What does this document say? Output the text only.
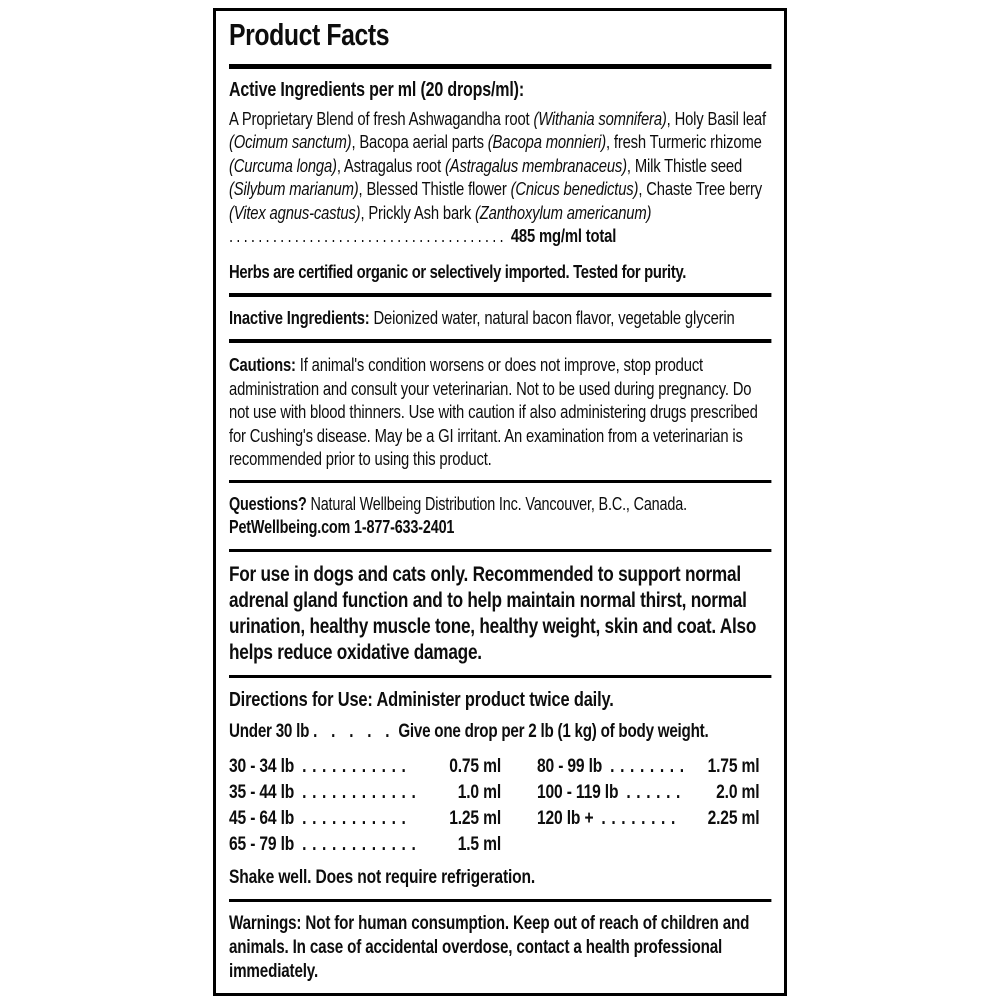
Product Facts
Active Ingredients per ml (20 drops/ml):

A Proprietary Blend of fresh Ashwagandha root (Withania somnifera), Holy Basil leaf (Ocimum sanctum), Bacopa aerial parts (Bacopa monnieri), fresh Turmeric rhizome (Curcuma longa), Astragalus root (Astragalus membranaceus), Milk Thistle seed (Silybum marianum), Blessed Thistle flower (Cnicus benedictus), Chaste Tree berry (Vitex agnus-castus), Prickly Ash bark (Zanthoxylum americanum) ...................................... 485 mg/ml total

Herbs are certified organic or selectively imported. Tested for purity.

Inactive Ingredients: Deionized water, natural bacon flavor, vegetable glycerin

Cautions: If animal's condition worsens or does not improve, stop product administration and consult your veterinarian. Not to be used during pregnancy. Do not use with blood thinners. Use with caution if also administering drugs prescribed for Cushing's disease. May be a GI irritant. An examination from a veterinarian is recommended prior to using this product.

Questions? Natural Wellbeing Distribution Inc. Vancouver, B.C., Canada.

PetWellbeing.com 1-877-633-2401

For use in dogs and cats only. Recommended to support normal adrenal gland function and to help maintain normal thirst, normal urination, healthy muscle tone, healthy weight, skin and coat. Also helps reduce oxidative damage.

Directions for Use: Administer product twice daily.

Under 30 lb . . . . . Give one drop per 2 lb (1 kg) of body weight.

30 - 34 lb ...........	0.75 ml
35 - 44 lb ............	1.0 ml
45 - 64 lb ...........	1.25 ml
65 - 79 lb ............	1.5 ml
80 - 99 lb ........ 1.75 ml
100 - 119 lb ......	2.0 ml
120 lb + ........	2.25 ml
Shake well. Does not require refrigeration.

Warnings: Not for human consumption. Keep out of reach of children and animals. In case of accidental overdose, contact a health professional immediately.
